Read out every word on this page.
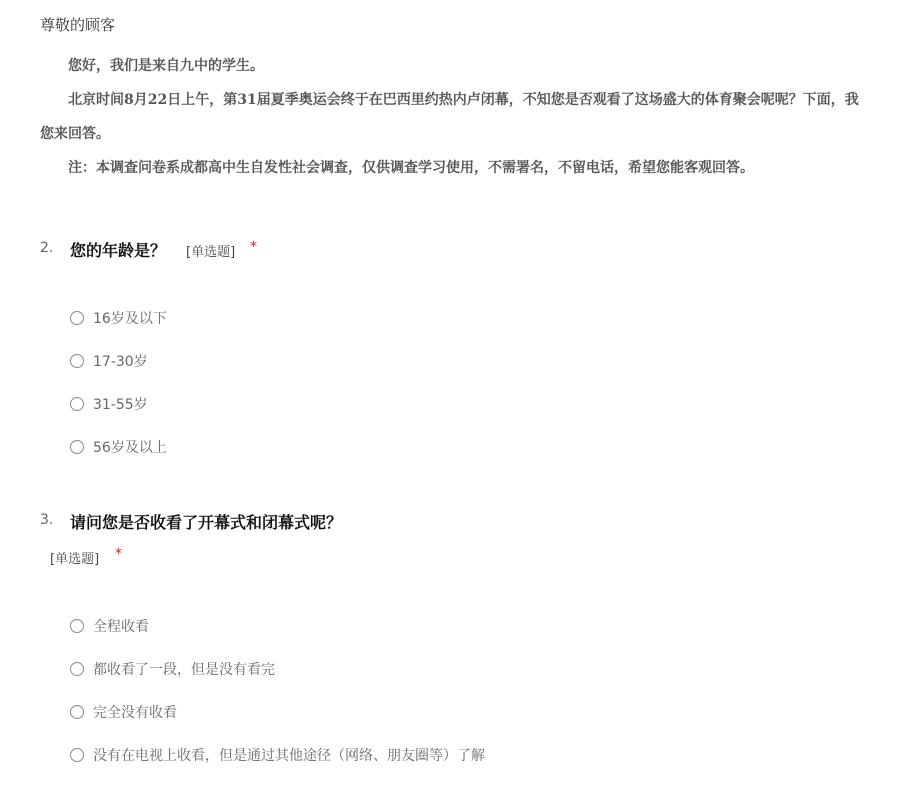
尊敬的顾客
您好，我们是来自九中的学生。
北京时间8月22日上午，第31届夏季奥运会终于在巴西里约热内卢闭幕，不知您是否观看了这场盛大的体育聚会呢呢？下面，我
您来回答。
注：本调查问卷系成都高中生自发性社会调查，仅供调查学习使用，不需署名，不留电话，希望您能客观回答。
2. 您的年龄是？ [单选题] *
16岁及以下
17-30岁
31-55岁
56岁及以上
3. 请问您是否收看了开幕式和闭幕式呢？
[单选题] *
全程收看
都收看了一段，但是没有看完
完全没有收看
没有在电视上收看，但是通过其他途径（网络、朋友圈等）了解
